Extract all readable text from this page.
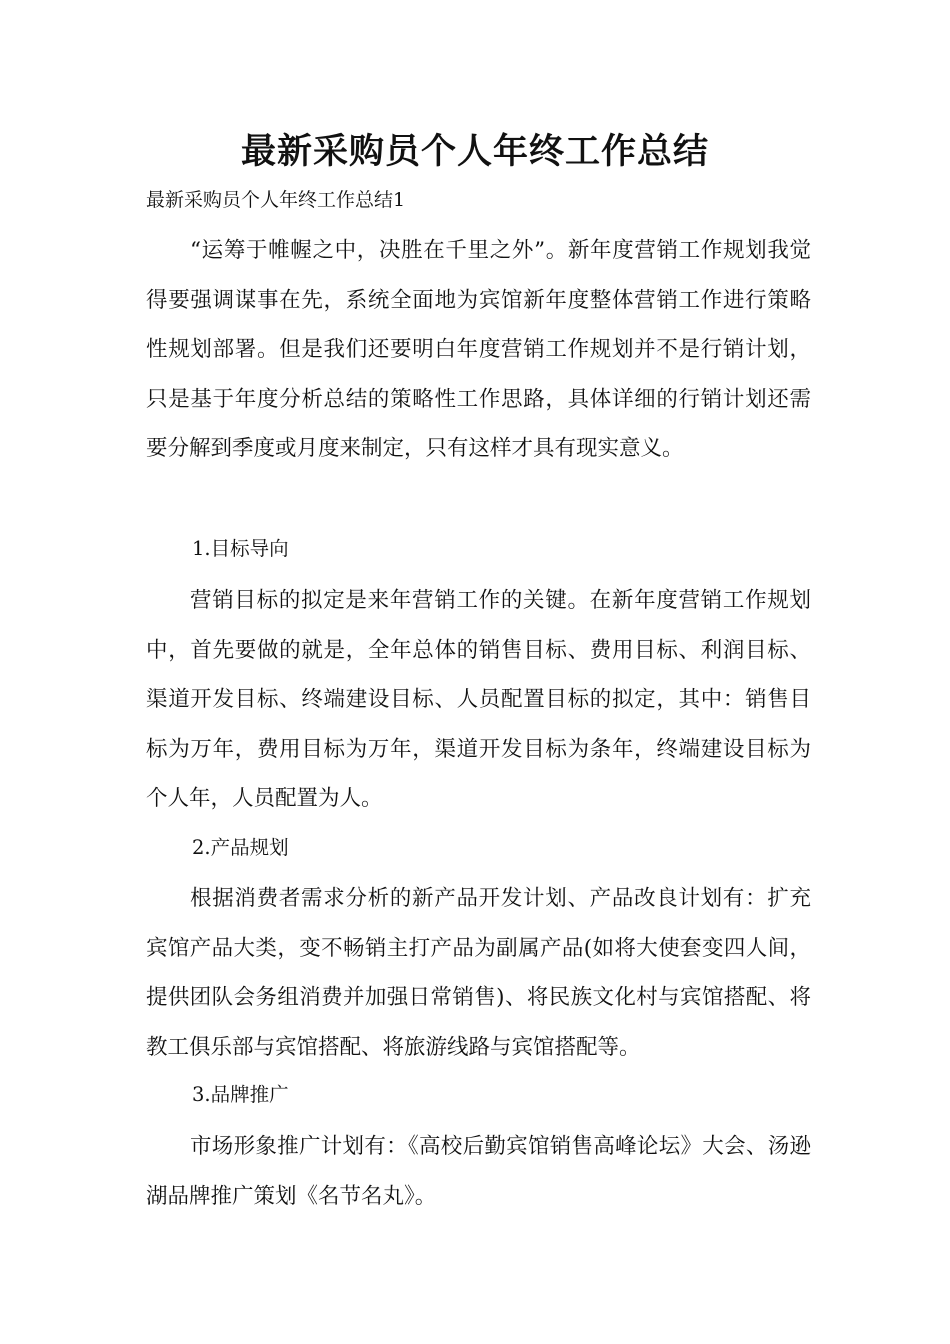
最新采购员个人年终工作总结

最新采购员个人年终工作总结1

“运筹于帷幄之中，决胜在千里之外”。新年度营销工作规划我觉得要强调谋事在先，系统全面地为宾馆新年度整体营销工作进行策略性规划部署。但是我们还要明白年度营销工作规划并不是行销计划，只是基于年度分析总结的策略性工作思路，具体详细的行销计划还需要分解到季度或月度来制定，只有这样才具有现实意义。

1.目标导向

营销目标的拟定是来年营销工作的关键。在新年度营销工作规划中，首先要做的就是，全年总体的销售目标、费用目标、利润目标、渠道开发目标、终端建设目标、人员配置目标的拟定，其中：销售目标为万年，费用目标为万年，渠道开发目标为条年，终端建设目标为个人年，人员配置为人。

2.产品规划

根据消费者需求分析的新产品开发计划、产品改良计划有：扩充宾馆产品大类，变不畅销主打产品为副属产品(如将大使套变四人间，提供团队会务组消费并加强日常销售)、将民族文化村与宾馆搭配、将教工俱乐部与宾馆搭配、将旅游线路与宾馆搭配等。

3.品牌推广

市场形象推广计划有：《高校后勤宾馆销售高峰论坛》大会、汤逊湖品牌推广策划《名节名丸》。
